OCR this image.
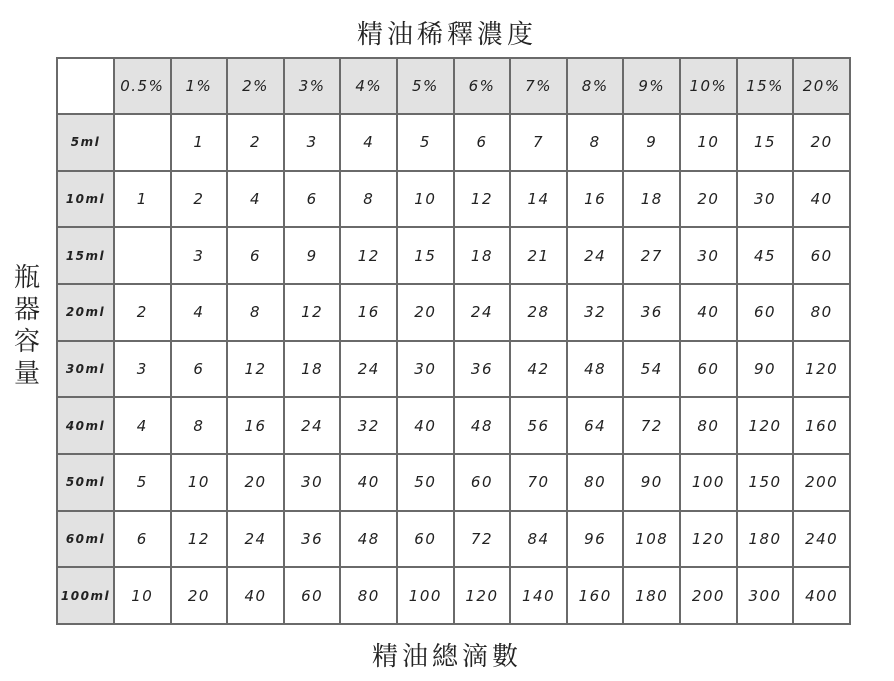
精油稀釋濃度
瓶
器
容
量
	0.5%	1%	2%	3%	4%	5%	6%	7%	8%	9%	10%	15%	20%
5ml		1	2	3	4	5	6	7	8	9	10	15	20
10ml	1	2	4	6	8	10	12	14	16	18	20	30	40
15ml		3	6	9	12	15	18	21	24	27	30	45	60
20ml	2	4	8	12	16	20	24	28	32	36	40	60	80
30ml	3	6	12	18	24	30	36	42	48	54	60	90	120
40ml	4	8	16	24	32	40	48	56	64	72	80	120	160
50ml	5	10	20	30	40	50	60	70	80	90	100	150	200
60ml	6	12	24	36	48	60	72	84	96	108	120	180	240
100ml	10	20	40	60	80	100	120	140	160	180	200	300	400
精油總滴數
